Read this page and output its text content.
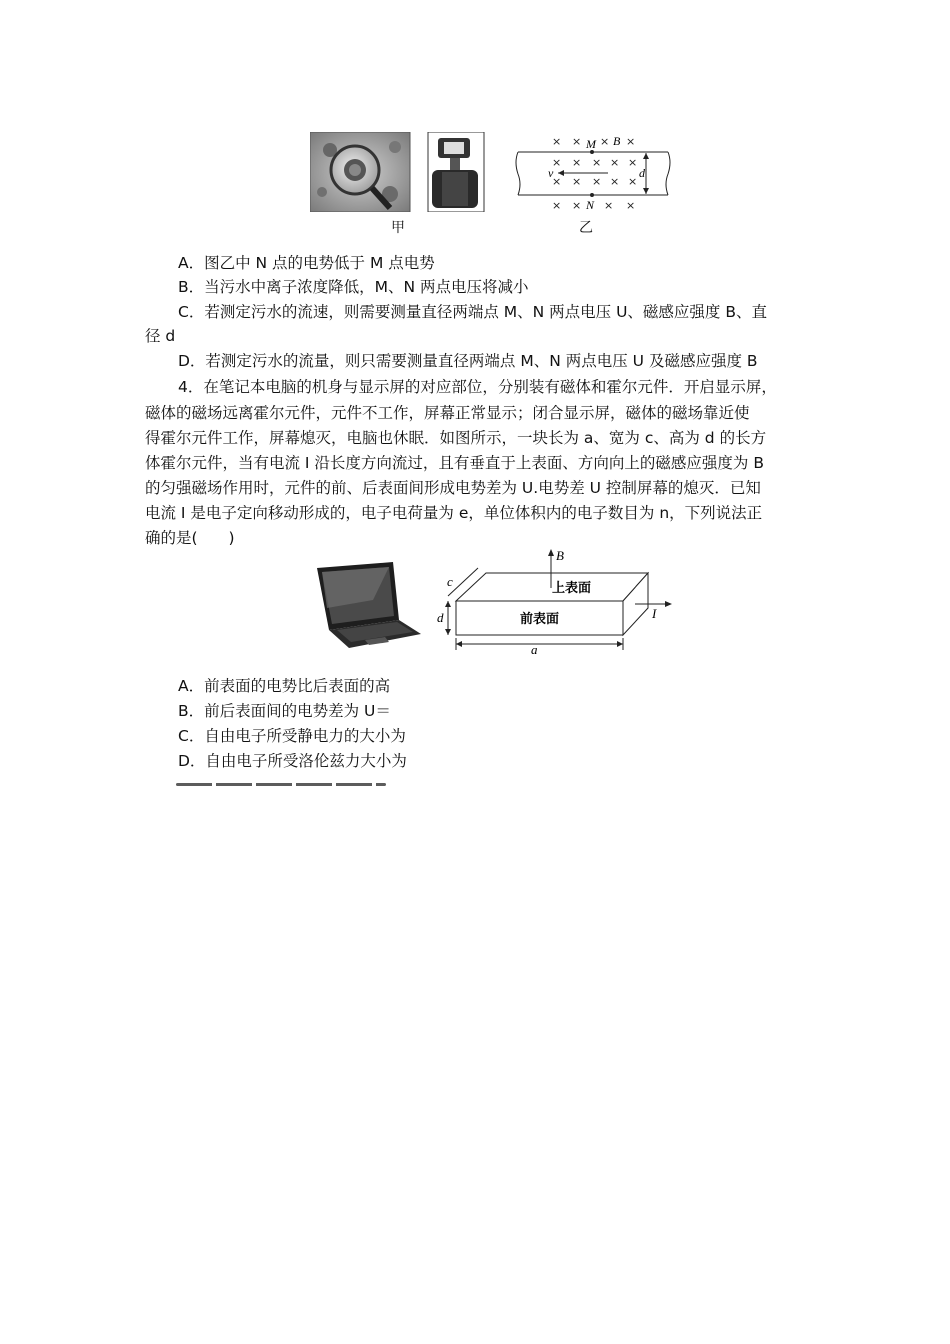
甲
× × × ×
× × × × ×
× × × ×
×
× × × ×
M
N
B
v	d
乙
A．图乙中 N 点的电势低于 M 点电势
B．当污水中离子浓度降低，M、N 两点电压将减小
C．若测定污水的流速，则需要测量直径两端点 M、N 两点电压 U、磁感应强度 B、直
径 d
D．若测定污水的流量，则只需要测量直径两端点 M、N 两点电压 U 及磁感应强度 B
4．在笔记本电脑的机身与显示屏的对应部位，分别装有磁体和霍尔元件．开启显示屏，
磁体的磁场远离霍尔元件，元件不工作，屏幕正常显示；闭合显示屏，磁体的磁场靠近使
得霍尔元件工作，屏幕熄灭，电脑也休眠．如图所示，一块长为 a、宽为 c、高为 d 的长方
体霍尔元件，当有电流 I 沿长度方向流过，且有垂直于上表面、方向向上的磁感应强度为 B
的匀强磁场作用时，元件的前、后表面间形成电势差为 U.电势差 U 控制屏幕的熄灭．已知
电流 I 是电子定向移动形成的，电子电荷量为 e，单位体积内的电子数目为 n，下列说法正
确的是(　　)
B
上表面
前表面
c
d
a
I
A．前表面的电势比后表面的高
B．前后表面间的电势差为 U＝
C．自由电子所受静电力的大小为
D．自由电子所受洛伦兹力大小为
